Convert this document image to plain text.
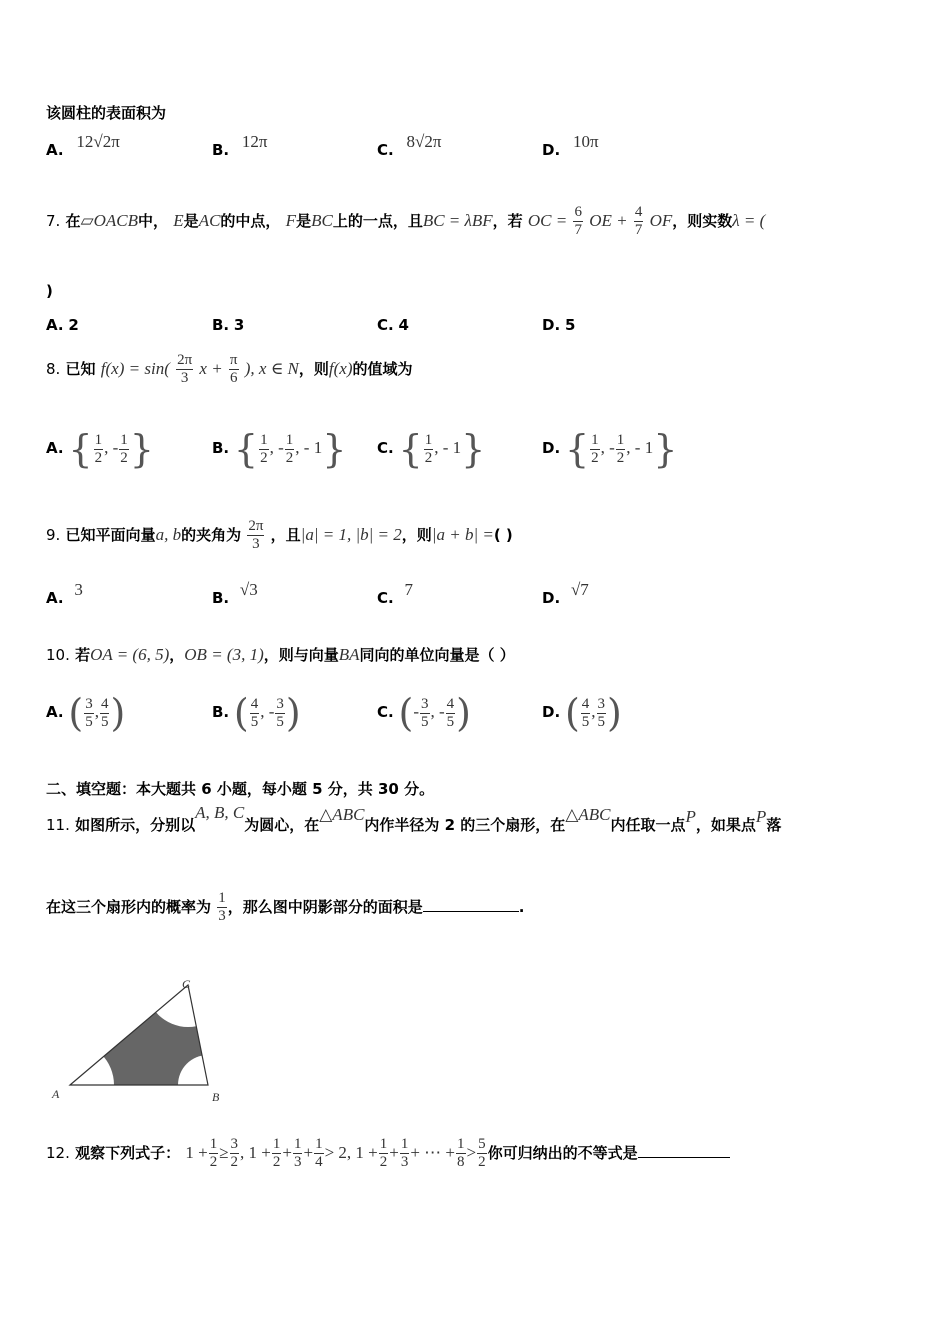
该圆柱的表面积为
A. 12√2π	B. 12π	C. 8√2π	D. 10π
7. 在▱OACB中， E是AC的中点， F是BC上的一点，且BC = λBF，若 OC = $\frac{6}{7}$ OE + $\frac{4}{7}$ OF，则实数λ = (
)
A. 2	B. 3	C. 4	D. 5
8. 已知 $f(x) = \sin( \frac{2\pi}{3}$ $x + \frac{\pi}{6}$ ), x ∈ N，则f(x)的值域为
A. { $\frac{1}{2}$ , - $\frac{1}{2}$ }	B. { $\frac{1}{2}$ , - $\frac{1}{2}$ , - 1} C. { $\frac{1}{2}$ , - 1}	D. { $\frac{1}{2}$ , - $\frac{1}{2}$ , - 1}
9. 已知平面向量a, b的夹角为 $\frac{2\pi}{3}$ ，且|a| = 1, |b| = 2，则|a + b| =( )
A. 3	B. √3	C. 7	D. √7
10. 若OA = (6, 5)，OB = (3, 1)，则与向量BA同向的单位向量是（ ）
A. ( $\frac{3}{5}$ , $\frac{4}{5}$ )	B. ( $\frac{4}{5}$ , - $\frac{3}{5}$ )	C. (- $\frac{3}{5}$ , - $\frac{4}{5}$ )	D. ( $\frac{4}{5}$ , $\frac{3}{5}$ )
二、填空题：本大题共 6 小题，每小题 5 分，共 30 分。
11. 如图所示，分别以A, B, C为圆心，在△ABC内作半径为 2 的三个扇形，在△ABC内任取一点P，如果点P落
在这三个扇形内的概率为 $\frac{1}{3}$ ，那么图中阴影部分的面积是	.
A	B
C
12. 观察下列式子： $1 + \frac{1}{2} \ge \frac{3}{2}$ , $1 + \frac{1}{2} + \frac{1}{3} + \frac{1}{4} > 2$, $1 + \frac{1}{2} + \frac{1}{3}$ + ⋯ + $\frac{1}{8} > \frac{5}{2}$ 你可归纳出的不等式是
